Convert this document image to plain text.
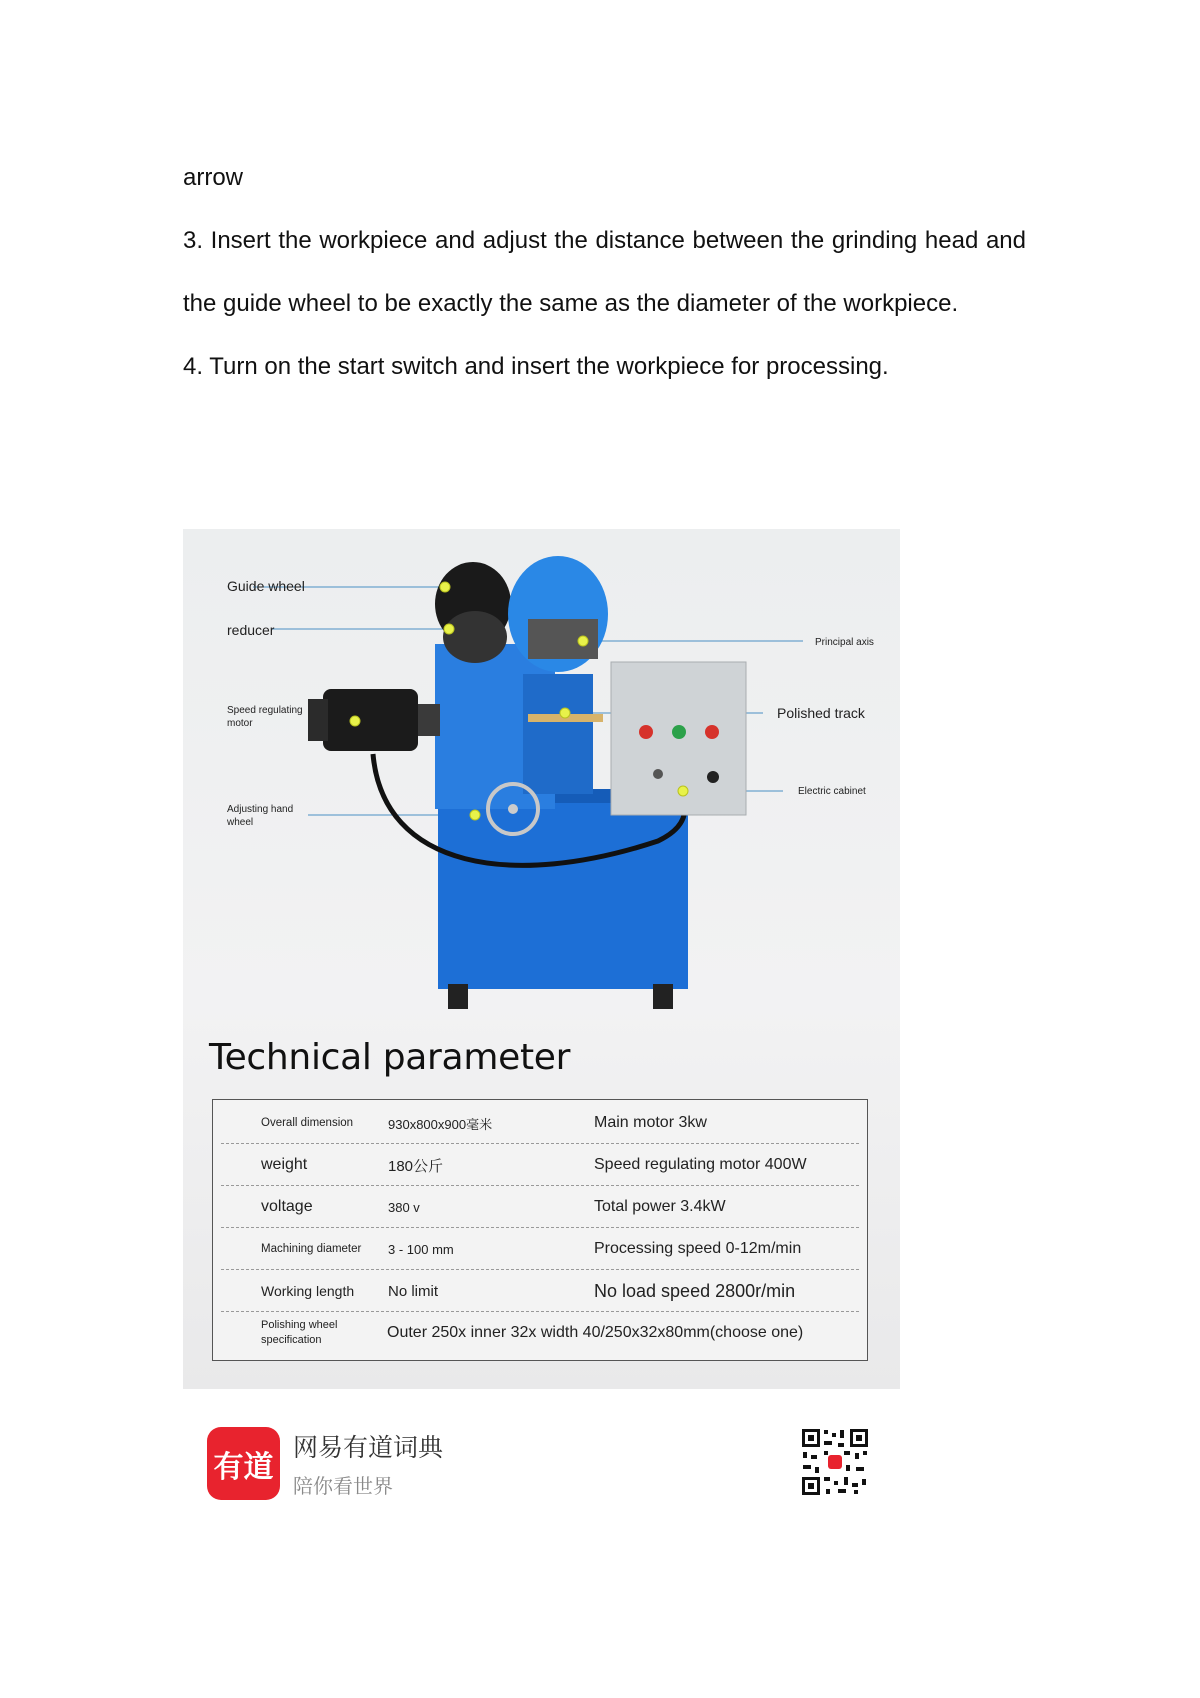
arrow

3. Insert the workpiece and adjust the distance between the grinding head and the guide wheel to be exactly the same as the diameter of the workpiece.

4. Turn on the start switch and insert the workpiece for processing.

Guide wheel
reducer
Principal axis
Speed regulating motor
Polished track
Electric cabinet
Adjusting hand wheel
Technical parameter
Overall dimension	930x800x900毫米	Main motor 3kw
weight	180公斤	Speed regulating motor 400W
voltage	380 v	Total power 3.4kW
Machining diameter	3 - 100 mm	Processing speed 0-12m/min
Working length	No limit	No load speed 2800r/min
Polishing wheel specification	Outer 250x inner 32x width 40/250x32x80mm(choose one)
有道
网易有道词典
陪你看世界
